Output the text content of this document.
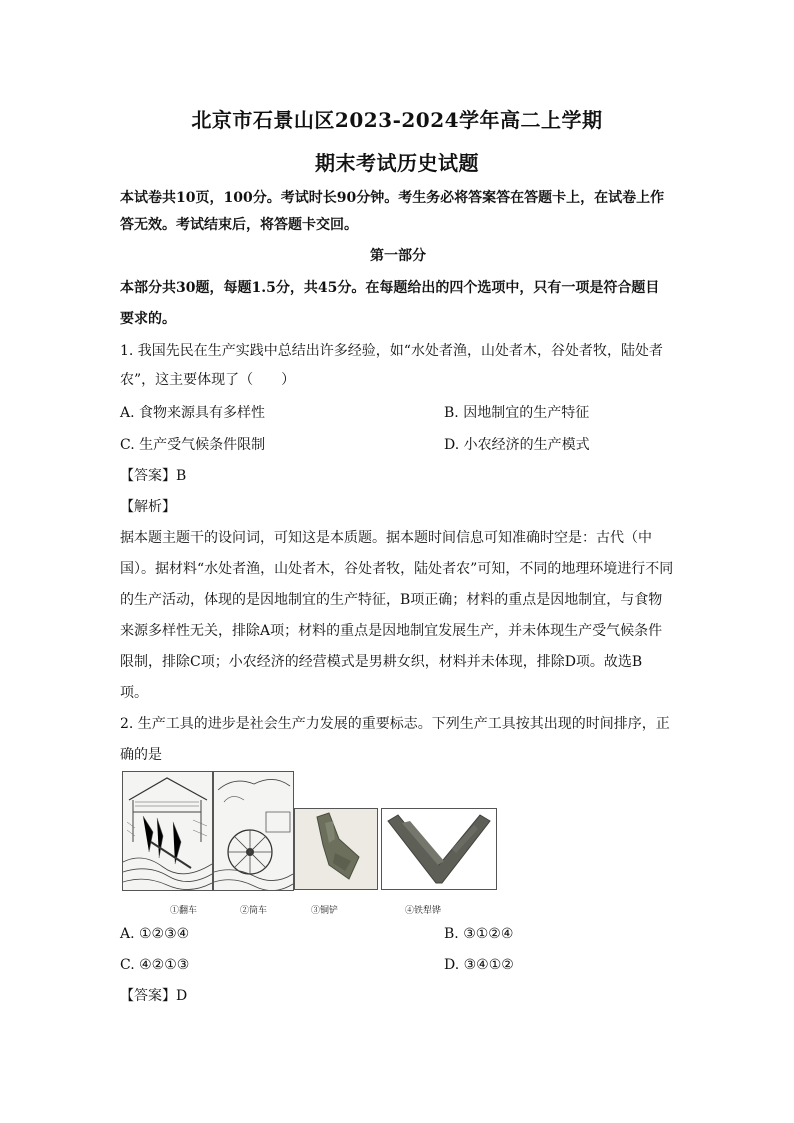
北京市石景山区2023-2024学年高二上学期
期末考试历史试题
本试卷共10页，100分。考试时长90分钟。考生务必将答案答在答题卡上，在试卷上作
答无效。考试结束后，将答题卡交回。
第一部分
本部分共30题，每题1.5分，共45分。在每题给出的四个选项中，只有一项是符合题目
要求的。
1. 我国先民在生产实践中总结出许多经验，如“水处者渔，山处者木，谷处者牧，陆处者
农”，这主要体现了（　　）
A. 食物来源具有多样性	B. 因地制宜的生产特征
C. 生产受气候条件限制	D. 小农经济的生产模式
【答案】B
【解析】
据本题主题干的设问词，可知这是本质题。据本题时间信息可知准确时空是：古代（中
国）。据材料“水处者渔，山处者木，谷处者牧，陆处者农”可知，不同的地理环境进行不同
的生产活动，体现的是因地制宜的生产特征，B项正确；材料的重点是因地制宜，与食物
来源多样性无关，排除A项；材料的重点是因地制宜发展生产，并未体现生产受气候条件
限制，排除C项；小农经济的经营模式是男耕女织，材料并未体现，排除D项。故选B
项。
2. 生产工具的进步是社会生产力发展的重要标志。下列生产工具按其出现的时间排序，正
确的是
①翻车	②筒车	③铜铲	④铁犁铧
A. ①②③④	B. ③①②④
C. ④②①③	D. ③④①②
【答案】D
